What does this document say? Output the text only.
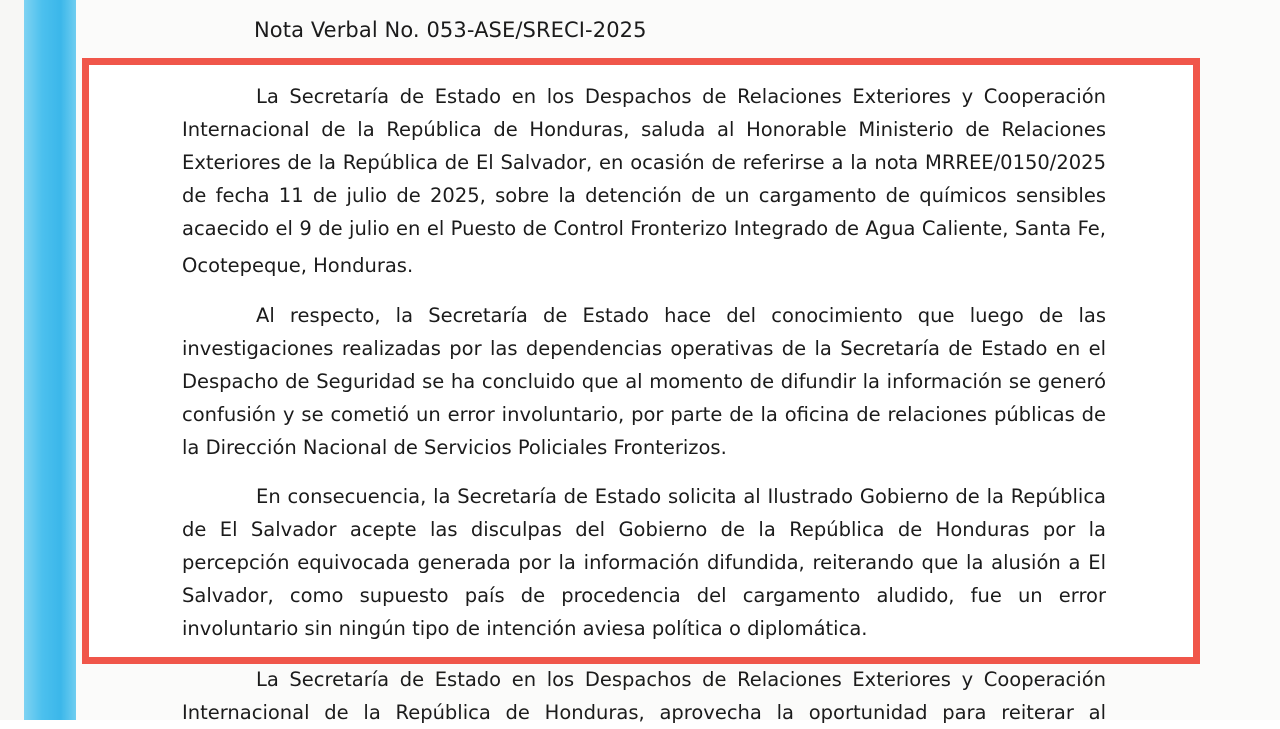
Nota Verbal No. 053-ASE/SRECI-2025
La Secretaría de Estado en los Despachos de Relaciones Exteriores y Cooperación
Internacional de la República de Honduras, saluda al Honorable Ministerio de Relaciones
Exteriores de la República de El Salvador, en ocasión de referirse a la nota MRREE/0150/2025
de fecha 11 de julio de 2025, sobre la detención de un cargamento de químicos sensibles
acaecido el 9 de julio en el Puesto de Control Fronterizo Integrado de Agua Caliente, Santa Fe,
Ocotepeque, Honduras.
Al respecto, la Secretaría de Estado hace del conocimiento que luego de las
investigaciones realizadas por las dependencias operativas de la Secretaría de Estado en el
Despacho de Seguridad se ha concluido que al momento de difundir la información se generó
confusión y se cometió un error involuntario, por parte de la oficina de relaciones públicas de
la Dirección Nacional de Servicios Policiales Fronterizos.
En consecuencia, la Secretaría de Estado solicita al Ilustrado Gobierno de la República
de El Salvador acepte las disculpas del Gobierno de la República de Honduras por la
percepción equivocada generada por la información difundida, reiterando que la alusión a El
Salvador, como supuesto país de procedencia del cargamento aludido, fue un error
involuntario sin ningún tipo de intención aviesa política o diplomática.
La Secretaría de Estado en los Despachos de Relaciones Exteriores y Cooperación
Internacional de la República de Honduras, aprovecha la oportunidad para reiterar al
